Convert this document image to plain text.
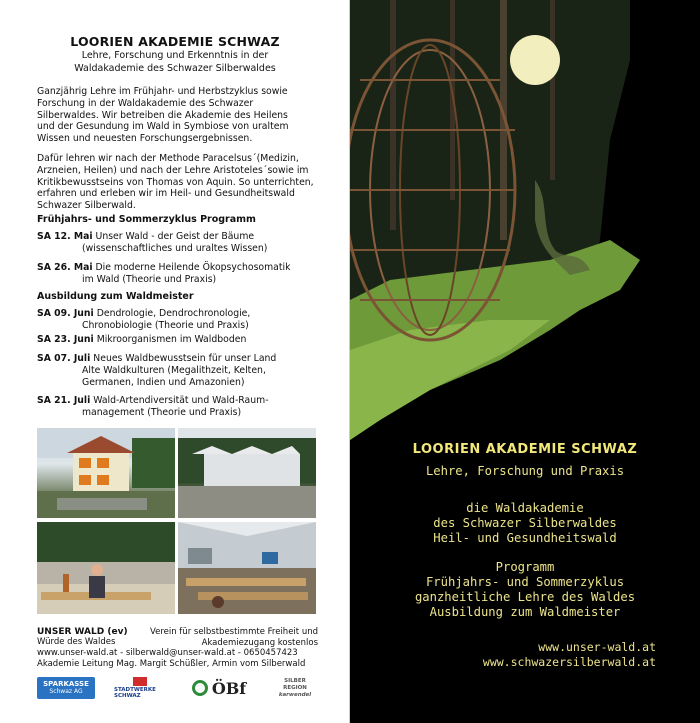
LOORIEN AKADEMIE SCHWAZ
Lehre, Forschung und Erkenntnis in der
Waldakademie des Schwazer Silberwaldes
Ganzjährig Lehre im Frühjahr- und Herbstzyklus sowie
Forschung in der Waldakademie des Schwazer
Silberwaldes. Wir betreiben die Akademie des Heilens
und der Gesundung im Wald in Symbiose von uraltem
Wissen und neuesten Forschungsergebnissen.
Dafür lehren wir nach der Methode Paracelsus´(Medizin,
Arzneien, Heilen) und nach der Lehre Aristoteles´sowie im
Kritikbewusstseins von Thomas von Aquin. So unterrichten,
erfahren und erleben wir im Heil- und Gesundheitswald
Schwazer Silberwald.
Frühjahrs- und Sommerzyklus Programm
SA 12. Mai Unser Wald - der Geist der Bäume
(wissenschaftliches und uraltes Wissen)
SA 26. Mai Die moderne Heilende Ökopsychosomatik
im Wald (Theorie und Praxis)
Ausbildung zum Waldmeister
SA 09. Juni Dendrologie, Dendrochronologie,
Chronobiologie (Theorie und Praxis)
SA 23. Juni Mikroorganismen im Waldboden
SA 07. Juli Neues Waldbewusstsein für unser Land
Alte Waldkulturen (Megalithzeit, Kelten,
Germanen, Indien und Amazonien)
SA 21. Juli Wald-Artendiversität und Wald-Raum-
management (Theorie und Praxis)
UNSER WALD (ev)	Verein für selbstbestimmte Freiheit und
Akademiezugang kostenlos
Würde des Waldes
www.unser-wald.at - silberwald@unser-wald.at - 0650457423
Akademie Leitung Mag. Margit Schüßler, Armin vom Silberwald
SPARKASSE
Schwaz AG	STADTWERKE SCHWAZ	ÖBf	SILBER
REGION
karwendel
LOORIEN AKADEMIE SCHWAZ
Lehre, Forschung und Praxis
die Waldakademie
des Schwazer Silberwaldes
Heil- und Gesundheitswald
Programm
Frühjahrs- und Sommerzyklus
ganzheitliche Lehre des Waldes
Ausbildung zum Waldmeister
www.unser-wald.at
www.schwazersilberwald.at
